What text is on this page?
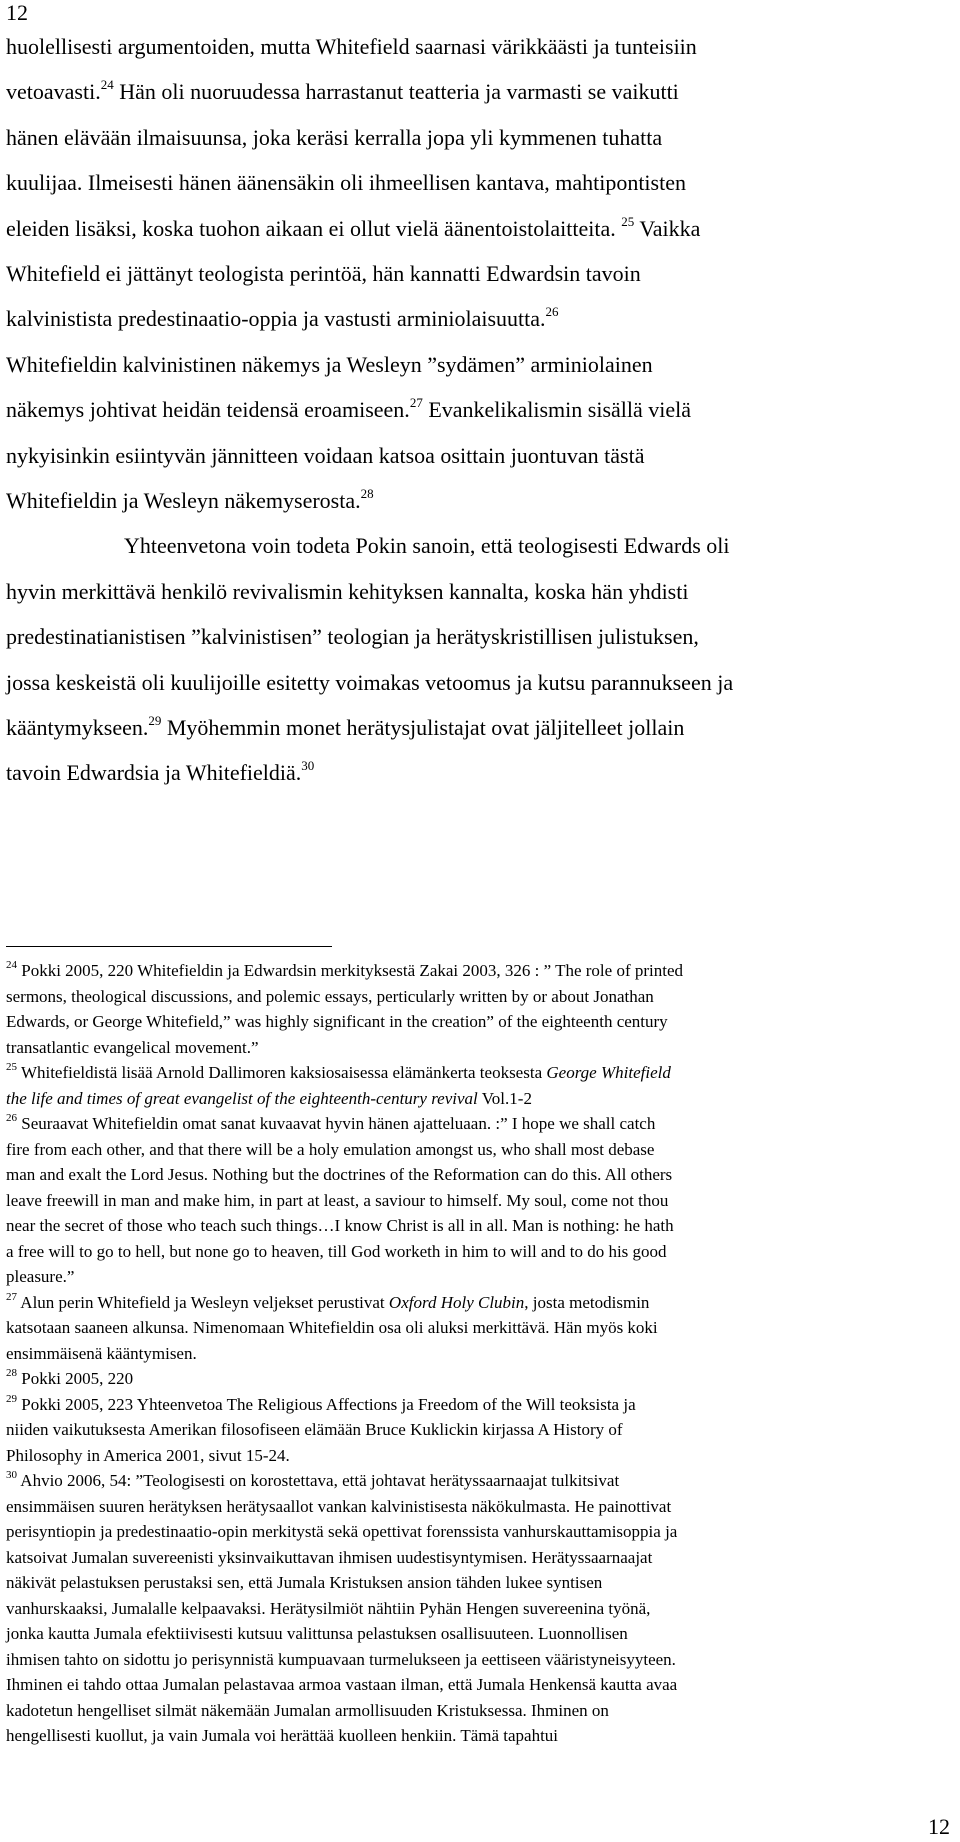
12
huolellisesti argumentoiden, mutta Whitefield saarnasi värikkäästi ja tunteisiin
vetoavasti.$^{24}$ Hän oli nuoruudessa harrastanut teatteria ja varmasti se vaikutti
hänen elävään ilmaisuunsa, joka keräsi kerralla jopa yli kymmenen tuhatta
kuulijaa. Ilmeisesti hänen äänensäkin oli ihmeellisen kantava, mahtipontisten
eleiden lisäksi, koska tuohon aikaan ei ollut vielä äänentoistolaitteita. $^{25}$ Vaikka
Whitefield ei jättänyt teologista perintöä, hän kannatti Edwardsin tavoin
kalvinistista predestinaatio-oppia ja vastusti arminiolaisuutta.$^{26}$
Whitefieldin kalvinistinen näkemys ja Wesleyn ”sydämen” arminiolainen
näkemys johtivat heidän teidensä eroamiseen.$^{27}$ Evankelikalismin sisällä vielä
nykyisinkin esiintyvän jännitteen voidaan katsoa osittain juontuvan tästä
Whitefieldin ja Wesleyn näkemyserosta.$^{28}$
Yhteenvetona voin todeta Pokin sanoin, että teologisesti Edwards oli
hyvin merkittävä henkilö revivalismin kehityksen kannalta, koska hän yhdisti
predestinatianistisen ”kalvinistisen” teologian ja herätyskristillisen julistuksen,
jossa keskeistä oli kuulijoille esitetty voimakas vetoomus ja kutsu parannukseen ja
kääntymykseen.$^{29}$ Myöhemmin monet herätysjulistajat ovat jäljitelleet jollain
tavoin Edwardsia ja Whitefieldiä.$^{30}$
$^{24}$ Pokki 2005, 220 Whitefieldin ja Edwardsin merkityksestä Zakai 2003, 326 : ” The role of printed
sermons, theological discussions, and polemic essays, perticularly written by or about Jonathan
Edwards, or George Whitefield,” was highly significant in the creation” of the eighteenth century
transatlantic evangelical movement.”
$^{25}$ Whitefieldistä lisää Arnold Dallimoren kaksiosaisessa elämänkerta teoksesta George Whitefield
the life and times of great evangelist of the eighteenth-century revival Vol.1-2
$^{26}$ Seuraavat Whitefieldin omat sanat kuvaavat hyvin hänen ajatteluaan. :” I hope we shall catch
fire from each other, and that there will be a holy emulation amongst us, who shall most debase
man and exalt the Lord Jesus. Nothing but the doctrines of the Reformation can do this. All others
leave freewill in man and make him, in part at least, a saviour to himself. My soul, come not thou
near the secret of those who teach such things…I know Christ is all in all. Man is nothing: he hath
a free will to go to hell, but none go to heaven, till God worketh in him to will and to do his good
pleasure.”
$^{27}$ Alun perin Whitefield ja Wesleyn veljekset perustivat Oxford Holy Clubin, josta metodismin
katsotaan saaneen alkunsa. Nimenomaan Whitefieldin osa oli aluksi merkittävä. Hän myös koki
ensimmäisenä kääntymisen.
$^{28}$ Pokki 2005, 220
$^{29}$ Pokki 2005, 223 Yhteenvetoa The Religious Affections ja Freedom of the Will teoksista ja
niiden vaikutuksesta Amerikan filosofiseen elämään Bruce Kuklickin kirjassa A History of
Philosophy in America 2001, sivut 15-24.
$^{30}$ Ahvio 2006, 54: ”Teologisesti on korostettava, että johtavat herätyssaarnaajat tulkitsivat
ensimmäisen suuren herätyksen herätysaallot vankan kalvinistisesta näkökulmasta. He painottivat
perisyntiopin ja predestinaatio-opin merkitystä sekä opettivat forenssista vanhurskauttamisoppia ja
katsoivat Jumalan suvereenisti yksinvaikuttavan ihmisen uudestisyntymisen. Herätyssaarnaajat
näkivät pelastuksen perustaksi sen, että Jumala Kristuksen ansion tähden lukee syntisen
vanhurskaaksi, Jumalalle kelpaavaksi. Herätysilmiöt nähtiin Pyhän Hengen suvereenina työnä,
jonka kautta Jumala efektiivisesti kutsuu valittunsa pelastuksen osallisuuteen. Luonnollisen
ihmisen tahto on sidottu jo perisynnistä kumpuavaan turmelukseen ja eettiseen vääristyneisyyteen.
Ihminen ei tahdo ottaa Jumalan pelastavaa armoa vastaan ilman, että Jumala Henkensä kautta avaa
kadotetun hengelliset silmät näkemään Jumalan armollisuuden Kristuksessa. Ihminen on
hengellisesti kuollut, ja vain Jumala voi herättää kuolleen henkiin. Tämä tapahtui
12
